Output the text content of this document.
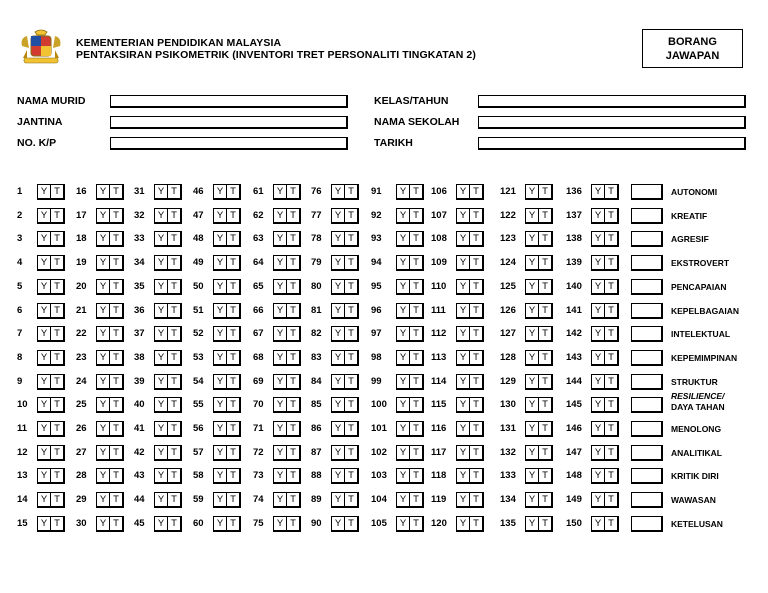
KEMENTERIAN PENDIDIKAN MALAYSIA
PENTAKSIRAN PSIKOMETRIK (INVENTORI TRET PERSONALITI TINGKATAN 2)
BORANG
JAWAPAN
NAMA MURID
JANTINA
NO. K/P
KELAS/TAHUN
NAMA SEKOLAH
TARIKH
1 Y T
2 Y T
3 Y T
4 Y T
5 Y T
6 Y T
7 Y T
8 Y T
9 Y T
10 Y T
11 Y T
12 Y T
13 Y T
14 Y T
15 Y T
16 Y T
17 Y T
18 Y T
19 Y T
20 Y T
21 Y T
22 Y T
23 Y T
24 Y T
25 Y T
26 Y T
27 Y T
28 Y T
29 Y T
30 Y T
31 Y T
32 Y T
33 Y T
34 Y T
35 Y T
36 Y T
37 Y T
38 Y T
39 Y T
40 Y T
41 Y T
42 Y T
43 Y T
44 Y T
45 Y T
46 Y T
47 Y T
48 Y T
49 Y T
50 Y T
51 Y T
52 Y T
53 Y T
54 Y T
55 Y T
56 Y T
57 Y T
58 Y T
59 Y T
60 Y T
61 Y T
62 Y T
63 Y T
64 Y T
65 Y T
66 Y T
67 Y T
68 Y T
69 Y T
70 Y T
71 Y T
72 Y T
73 Y T
74 Y T
75 Y T
76 Y T
77 Y T
78 Y T
79 Y T
80 Y T
81 Y T
82 Y T
83 Y T
84 Y T
85 Y T
86 Y T
87 Y T
88 Y T
89 Y T
90 Y T
91 Y T
92 Y T
93 Y T
94 Y T
95 Y T
96 Y T
97 Y T
98 Y T
99 Y T
100 Y T
101 Y T
102 Y T
103 Y T
104 Y T
105 Y T
106 Y T
107 Y T
108 Y T
109 Y T
110 Y T
111 Y T
112 Y T
113 Y T
114 Y T
115 Y T
116 Y T
117 Y T
118 Y T
119 Y T
120 Y T
121 Y T
122 Y T
123 Y T
124 Y T
125 Y T
126 Y T
127 Y T
128 Y T
129 Y T
130 Y T
131 Y T
132 Y T
133 Y T
134 Y T
135 Y T
136 Y T
137 Y T
138 Y T
139 Y T
140 Y T
141 Y T
142 Y T
143 Y T
144 Y T
145 Y T
146 Y T
147 Y T
148 Y T
149 Y T
150 Y T
AUTONOMI
KREATIF
AGRESIF
EKSTROVERT
PENCAPAIAN
KEPELBAGAIAN
INTELEKTUAL
KEPEMIMPINAN
STRUKTUR
RESILIENCE/
DAYA TAHAN
MENOLONG
ANALITIKAL
KRITIK DIRI
WAWASAN
KETELUSAN
